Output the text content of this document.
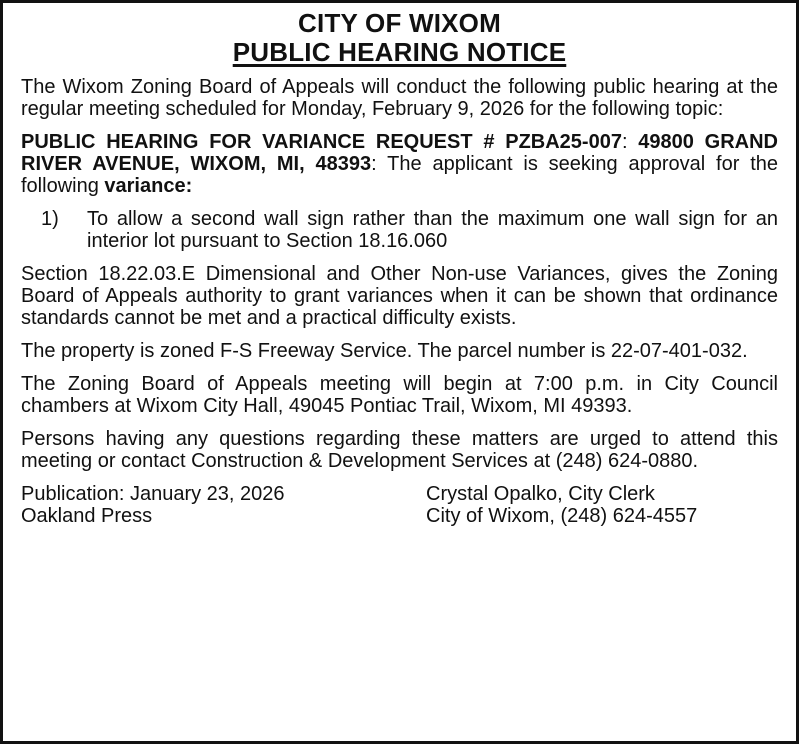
CITY OF WIXOM
PUBLIC HEARING NOTICE
The Wixom Zoning Board of Appeals will conduct the following public hearing at the regular meeting scheduled for Monday, February 9, 2026 for the following topic:
PUBLIC HEARING FOR VARIANCE REQUEST # PZBA25-007: 49800 GRAND RIVER AVENUE, WIXOM, MI, 48393: The applicant is seeking approval for the following variance:
1)	To allow a second wall sign rather than the maximum one wall sign for an interior lot pursuant to Section 18.16.060
Section 18.22.03.E Dimensional and Other Non-use Variances, gives the Zoning Board of Appeals authority to grant variances when it can be shown that ordinance standards cannot be met and a practical difficulty exists.
The property is zoned F-S Freeway Service. The parcel number is 22-07-401-032.
The Zoning Board of Appeals meeting will begin at 7:00 p.m. in City Council chambers at Wixom City Hall, 49045 Pontiac Trail, Wixom, MI 49393.
Persons having any questions regarding these matters are urged to attend this meeting or contact Construction & Development Services at (248) 624-0880.
Publication: January 23, 2026
Oakland Press
Crystal Opalko, City Clerk
City of Wixom, (248) 624-4557
